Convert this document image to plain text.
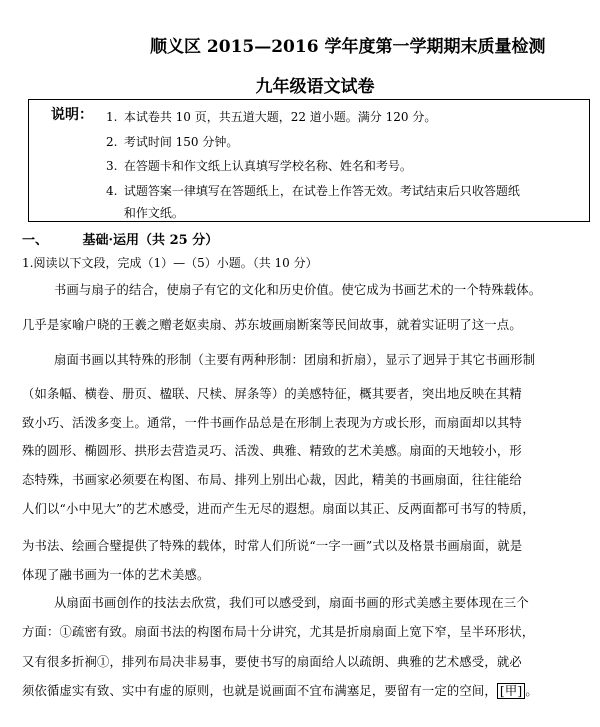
顺义区 2015—2016 学年度第一学期期末质量检测
九年级语文试卷
说明： 1. 本试卷共 10 页，共五道大题，22 道小题。满分 120 分。
2. 考试时间 150 分钟。
3. 在答题卡和作文纸上认真填写学校名称、姓名和考号。
4. 试题答案一律填写在答题纸上，在试卷上作答无效。考试结束后只收答题纸
和作文纸。
一、	基础·运用（共 25 分）
1.阅读以下文段，完成（1）—（5）小题。（共 10 分）
书画与扇子的结合，使扇子有它的文化和历史价值。使它成为书画艺术的一个特殊载体。
几乎是家喻户晓的王羲之赠老妪卖扇、苏东坡画扇断案等民间故事，就着实证明了这一点。
扇面书画以其特殊的形制（主要有两种形制：团扇和折扇），显示了迥异于其它书画形制
（如条幅、横卷、册页、楹联、尺椟、屏条等）的美感特征，概其要者，突出地反映在其精
致小巧、活泼多变上。通常，一件书画作品总是在形制上表现为方或长形，而扇面却以其特
殊的圆形、椭圆形、拱形去营造灵巧、活泼、典雅、精致的艺术美感。扇面的天地较小，形
态特殊，书画家必须要在构图、布局、排列上别出心裁，因此，精美的书画扇面，往往能给
人们以“小中见大”的艺术感受，进而产生无尽的遐想。扇面以其正、反两面都可书写的特质，
为书法、绘画合璧提供了特殊的载体，时常人们所说“一字一画”式以及格景书画扇面，就是
体现了融书画为一体的艺术美感。
从扇面书画创作的技法去欣赏，我们可以感受到，扇面书画的形式美感主要体现在三个
方面：①疏密有致。扇面书法的构图布局十分讲究，尤其是折扇扇面上宽下窄，呈半环形状，
又有很多折裥①，排列布局决非易事，要使书写的扇面给人以疏朗、典雅的艺术感受，就必
须依循虚实有致、实中有虚的原则，也就是说画面不宜布满塞足，要留有一定的空间， [甲] 。
